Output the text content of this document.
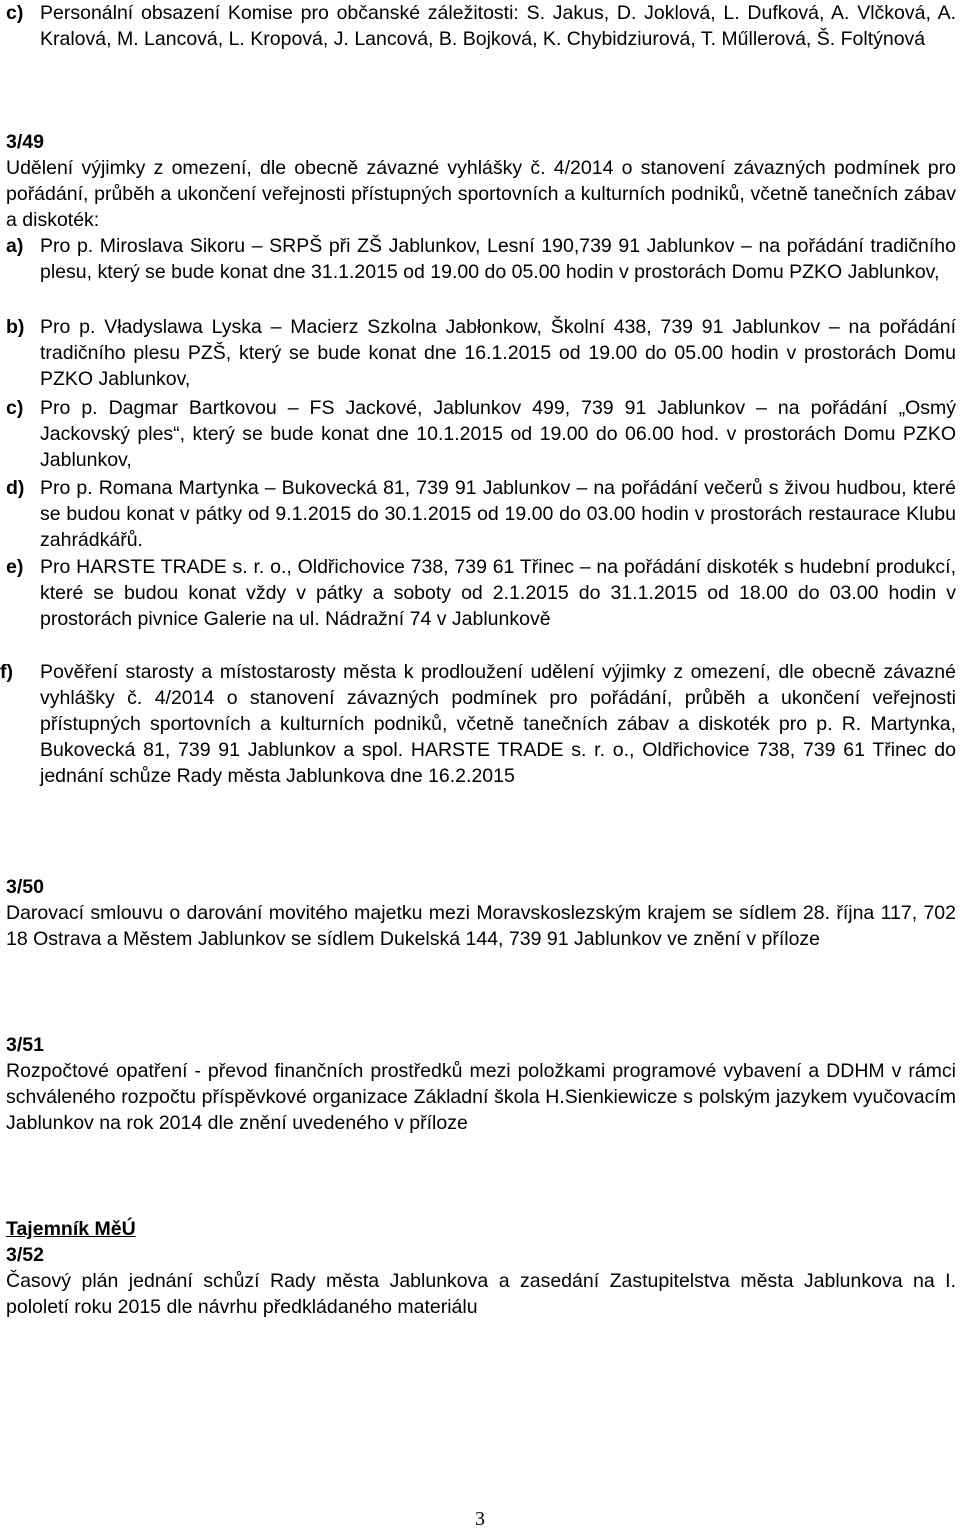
c) Personální obsazení Komise pro občanské záležitosti: S. Jakus, D. Joklová, L. Dufková, A. Vlčková, A. Kralová, M. Lancová, L. Kropová, J. Lancová, B. Bojková, K. Chybidziurová, T. Műllerová, Š. Foltýnová

3/49
Udělení výjimky z omezení, dle obecně závazné vyhlášky č. 4/2014 o stanovení závazných podmínek pro pořádání, průběh a ukončení veřejnosti přístupných sportovních a kulturních podniků, včetně tanečních zábav a diskoték:

a) Pro p. Miroslava Sikoru – SRPŠ při ZŠ Jablunkov, Lesní 190,739 91 Jablunkov – na pořádání tradičního plesu, který se bude konat dne 31.1.2015 od 19.00 do 05.00 hodin v prostorách Domu PZKO Jablunkov,

b) Pro p. Vładyslawa Lyska – Macierz Szkolna Jabłonkow, Školní 438, 739 91 Jablunkov – na pořádání tradičního plesu PZŠ, který se bude konat dne 16.1.2015 od 19.00 do 05.00 hodin v prostorách Domu PZKO Jablunkov,

c) Pro p. Dagmar Bartkovou – FS Jackové, Jablunkov 499, 739 91 Jablunkov – na pořádání „Osmý Jackovský ples“, který se bude konat dne 10.1.2015 od 19.00 do 06.00 hod. v prostorách Domu PZKO Jablunkov,

d) Pro p. Romana Martynka – Bukovecká 81, 739 91 Jablunkov – na pořádání večerů s živou hudbou, které se budou konat v pátky od 9.1.2015 do 30.1.2015 od 19.00 do 03.00 hodin v prostorách restaurace Klubu zahrádkářů.

e) Pro HARSTE TRADE s. r. o., Oldřichovice 738, 739 61 Třinec – na pořádání diskoték s hudební produkcí, které se budou konat vždy v pátky a soboty od 2.1.2015 do 31.1.2015 od 18.00 do 03.00 hodin v prostorách pivnice Galerie na ul. Nádražní 74 v Jablunkově

f)	Pověření starosty a místostarosty města k prodloužení udělení výjimky z omezení, dle obecně závazné vyhlášky č. 4/2014 o stanovení závazných podmínek pro pořádání, průběh a ukončení veřejnosti přístupných sportovních a kulturních podniků, včetně tanečních zábav a diskoték pro p. R. Martynka, Bukovecká 81, 739 91 Jablunkov a spol. HARSTE TRADE s. r. o., Oldřichovice 738, 739 61 Třinec do jednání schůze Rady města Jablunkova dne 16.2.2015

3/50
Darovací smlouvu o darování movitého majetku mezi Moravskoslezským krajem se sídlem 28. října 117, 702 18 Ostrava a Městem Jablunkov se sídlem Dukelská 144, 739 91 Jablunkov ve znění v příloze
3/51
Rozpočtové opatření - převod finančních prostředků mezi položkami programové vybavení a DDHM v rámci schváleného rozpočtu příspěvkové organizace Základní škola H.Sienkiewicze s polským jazykem vyučovacím Jablunkov na rok 2014 dle znění uvedeného v příloze
Tajemník MěÚ
3/52
Časový plán jednání schůzí Rady města Jablunkova a zasedání Zastupitelstva města Jablunkova na I. pololetí roku 2015 dle návrhu předkládaného materiálu
3
